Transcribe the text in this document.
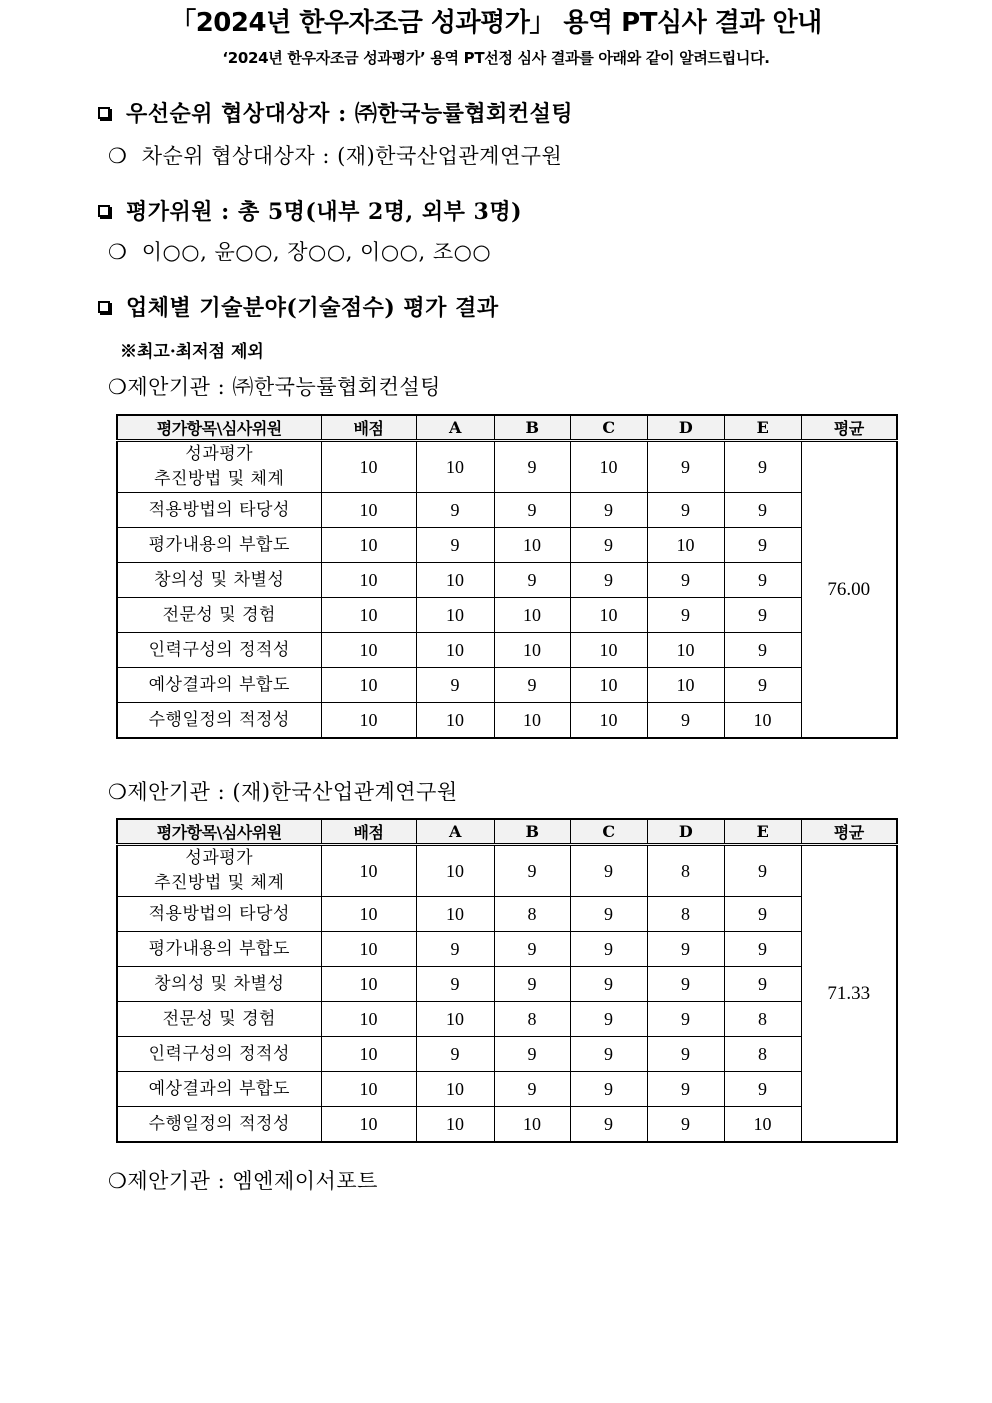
「2024년 한우자조금 성과평가」 용역 PT심사 결과 안내
‘2024년 한우자조금 성과평가’ 용역 PT선정 심사 결과를 아래와 같이 알려드립니다.
우선순위 협상대상자 : ㈜한국능률협회컨설팅
❍ 차순위 협상대상자 : (재)한국산업관계연구원
평가위원 : 총 5명(내부 2명, 외부 3명)
❍ 이○○, 윤○○, 장○○, 이○○, 조○○
업체별 기술분야(기술점수) 평가 결과
※최고·최저점 제외
❍제안기관 : ㈜한국능률협회컨설팅
평가항목\심사위원	배점	A	B	C	D	E	평균

성과평가
추진방법 및 체계	10	10	9	10	9	9	76.00

적용방법의 타당성	10	9	9	9	9	9	

평가내용의 부합도	10	9	10	9	10	9	

창의성 및 차별성	10	10	9	9	9	9	

전문성 및 경험	10	10	10	10	9	9	

인력구성의 정적성	10	10	10	10	10	9	

예상결과의 부합도	10	9	9	10	10	9	

수행일정의 적정성	10	10	10	10	9	10	
❍제안기관 : (재)한국산업관계연구원
평가항목\심사위원	배점	A	B	C	D	E	평균

성과평가
추진방법 및 체계	10	10	9	9	8	9	71.33

적용방법의 타당성	10	10	8	9	8	9	

평가내용의 부합도	10	9	9	9	9	9	

창의성 및 차별성	10	9	9	9	9	9	

전문성 및 경험	10	10	8	9	9	8	

인력구성의 정적성	10	9	9	9	9	8	

예상결과의 부합도	10	10	9	9	9	9	

수행일정의 적정성	10	10	10	9	9	10	
❍제안기관 : 엠엔제이서포트
